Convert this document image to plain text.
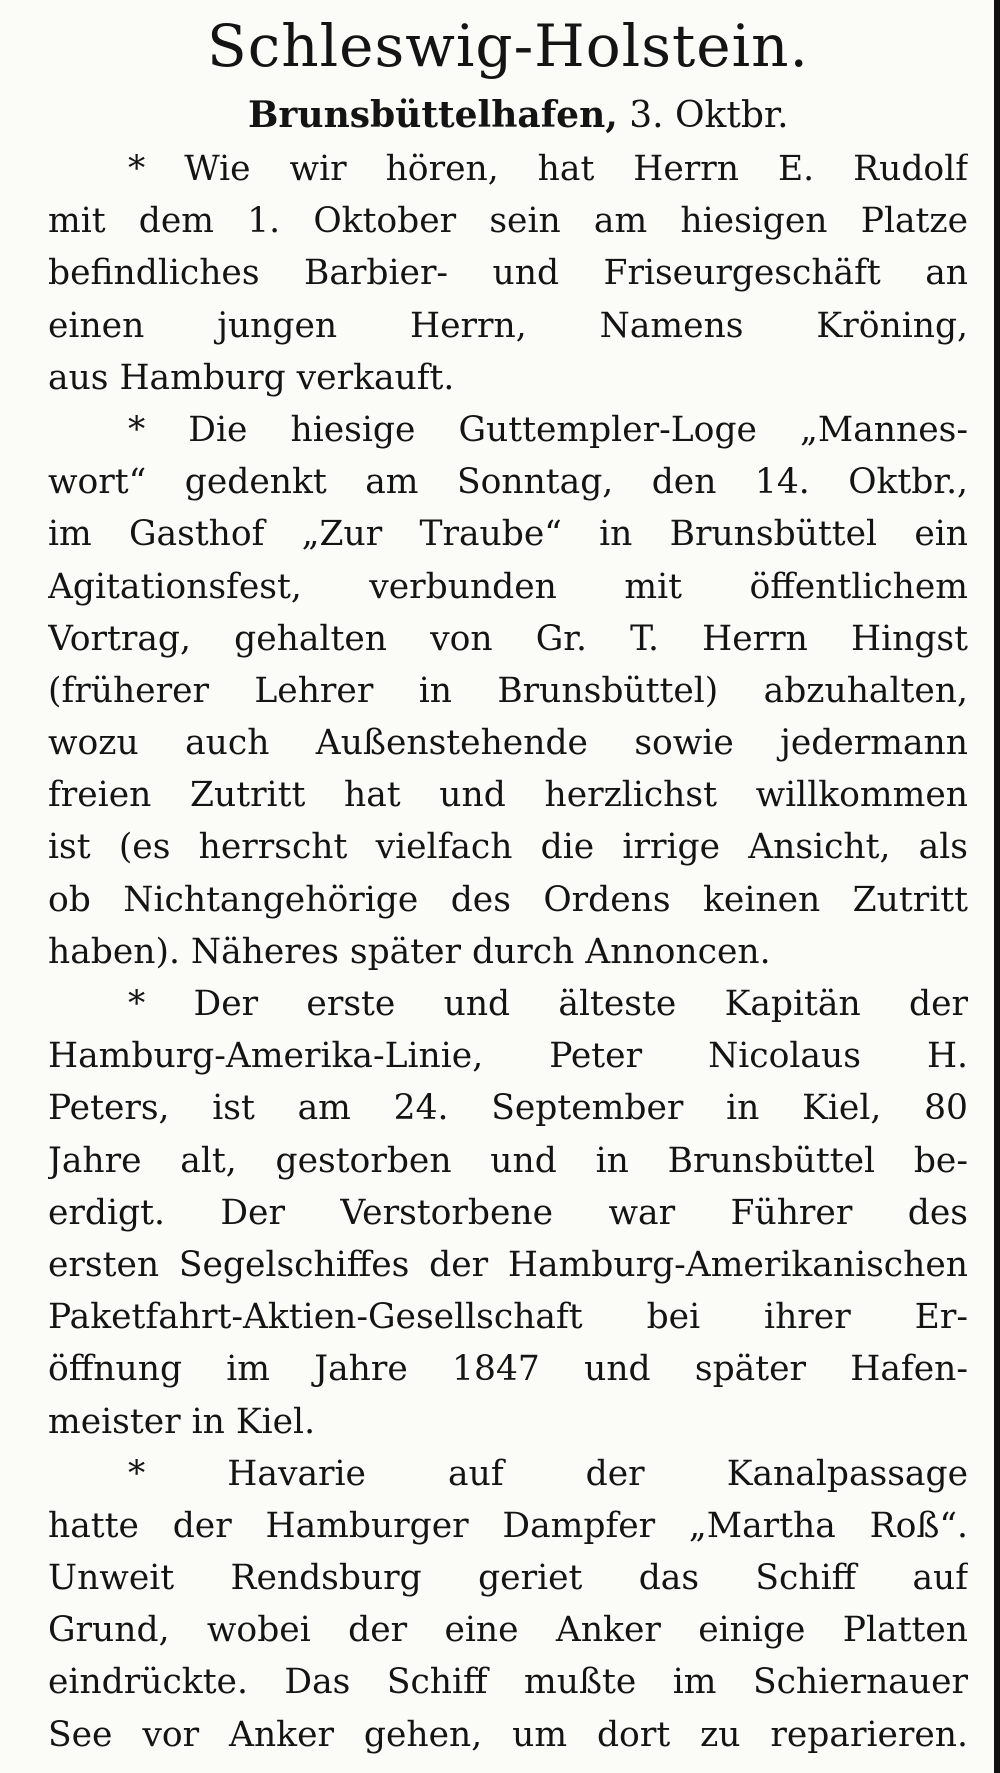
Schleswig-Holstein.

Brunsbüttelhafen, 3. Oktbr.

* Wie wir hören, hat Herrn E. Rudolf
mit dem 1. Oktober sein am hiesigen Platze
befindliches Barbier- und Friseurgeschäft an
einen jungen Herrn, Namens Kröning,
aus Hamburg verkauft.

* Die hiesige Guttempler-Loge „Mannes-
wort“ gedenkt am Sonntag, den 14. Oktbr.,
im Gasthof „Zur Traube“ in Brunsbüttel ein
Agitationsfest, verbunden mit öffentlichem
Vortrag, gehalten von Gr. T. Herrn Hingst
(früherer Lehrer in Brunsbüttel) abzuhalten,
wozu auch Außenstehende sowie jedermann
freien Zutritt hat und herzlichst willkommen
ist (es herrscht vielfach die irrige Ansicht, als
ob Nichtangehörige des Ordens keinen Zutritt
haben). Näheres später durch Annoncen.

* Der erste und älteste Kapitän der
Hamburg-Amerika-Linie, Peter Nicolaus H.
Peters, ist am 24. September in Kiel, 80
Jahre alt, gestorben und in Brunsbüttel be-
erdigt. Der Verstorbene war Führer des
ersten Segelschiffes der Hamburg-Amerikanischen
Paketfahrt-Aktien-Gesellschaft bei ihrer Er-
öffnung im Jahre 1847 und später Hafen-
meister in Kiel.

* Havarie auf der Kanalpassage
hatte der Hamburger Dampfer „Martha Roß“.
Unweit Rendsburg geriet das Schiff auf
Grund, wobei der eine Anker einige Platten
eindrückte. Das Schiff mußte im Schiernauer
See vor Anker gehen, um dort zu reparieren.
